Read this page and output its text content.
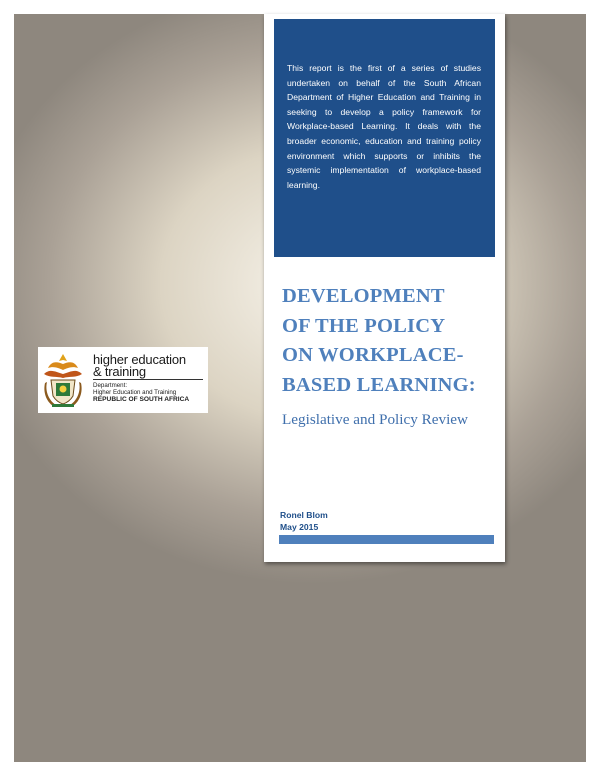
This report is the first of a series of studies undertaken on behalf of the South African Department of Higher Education and Training in seeking to develop a policy framework for Workplace-based Learning. It deals with the broader economic, education and training policy environment which supports or inhibits the systemic implementation of workplace-based learning.

DEVELOPMENT
OF THE POLICY
ON WORKPLACE-
BASED LEARNING:

Legislative and Policy Review

Ronel Blom

May 2015

higher education

& training

Department:

Higher Education and Training

REPUBLIC OF SOUTH AFRICA
